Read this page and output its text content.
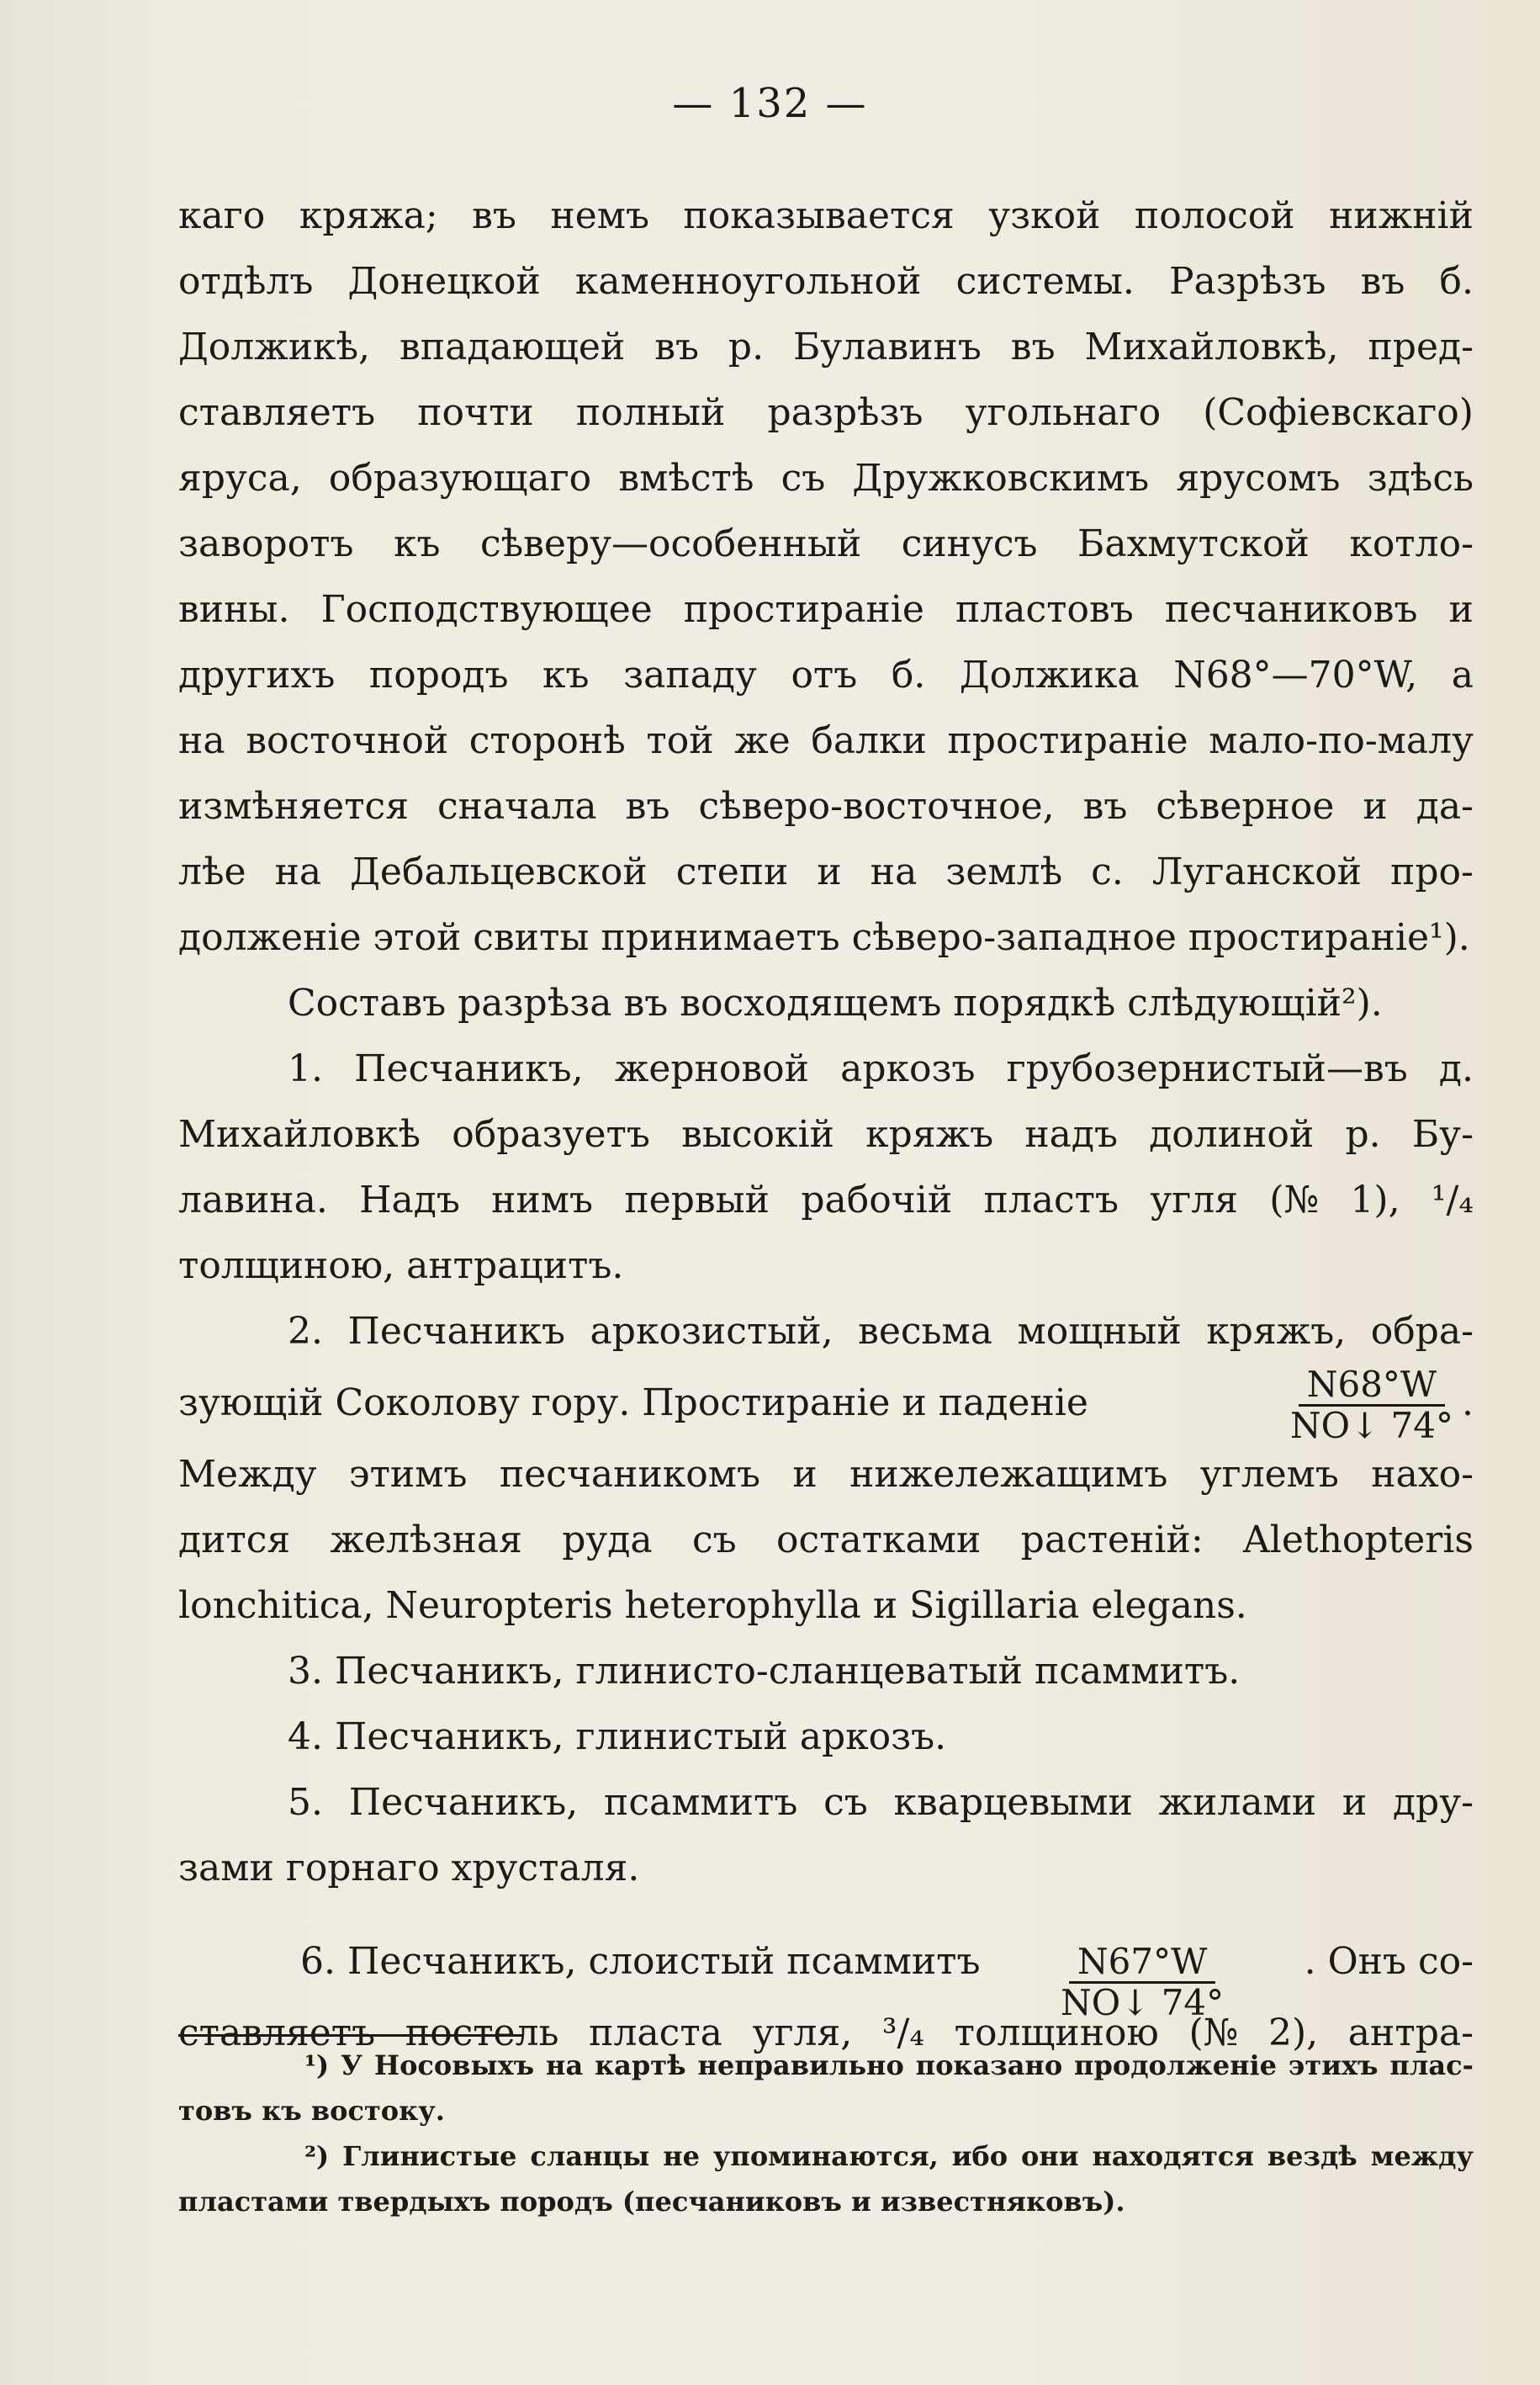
— 132 —
каго кряжа; въ немъ показывается узкой полосой нижнiй
отдѣлъ Донецкой каменноугольной системы. Разрѣзъ въ б.
Должикѣ, впадающей въ р. Булавинъ въ Михайловкѣ, пред-
ставляетъ почти полный разрѣзъ угольнаго (Софiевскаго)
яруса, образующаго вмѣстѣ съ Дружковскимъ ярусомъ здѣсь
заворотъ къ сѣверу—особенный синусъ Бахмутской котло-
вины. Господствующее простиранiе пластовъ песчаниковъ и
другихъ породъ къ западу отъ б. Должика N68°—70°W, а
на восточной сторонѣ той же балки простиранiе мало-по-малу
измѣняется сначала въ сѣверо-восточное, въ сѣверное и да-
лѣе на Дебальцевской степи и на землѣ с. Луганской про-
долженiе этой свиты принимаетъ сѣверо-западное простиранiе¹).
Составъ разрѣза въ восходящемъ порядкѣ слѣдующiй²).
1. Песчаникъ, жерновой аркозъ грубозернистый—въ д.
Михайловкѣ образуетъ высокiй кряжъ надъ долиной р. Бу-
лавина. Надъ нимъ первый рабочiй пластъ угля (№ 1), ¹/₄
толщиною, антрацитъ.
2. Песчаникъ аркозистый, весьма мощный кряжъ, обра-
зующiй Соколову гору. Простиранiе и паденiе	$\frac{N68^\circ W}{NO↓ 74^\circ}$ .
Между этимъ песчаникомъ и нижележащимъ углемъ нахо-
дится желѣзная руда съ остатками растенiй: Alethopteris
lonchitica, Neuropteris heterophylla и Sigillaria elegans.
3. Песчаникъ, глинисто-сланцеватый псаммитъ.
4. Песчаникъ, глинистый аркозъ.
5. Песчаникъ, псаммитъ съ кварцевыми жилами и дру-
зами горнаго хрусталя.
6. Песчаникъ, слоистый псаммитъ $\frac{N67^\circ W}{NO↓ 74^\circ}$ . Онъ со-
ставляетъ постель пласта угля, ³/₄ толщиною (№ 2), антра-
¹) У Носовыхъ на картѣ неправильно показано продолженiе этихъ плас-
товъ къ востоку.
²) Глинистые сланцы не упоминаются, ибо они находятся вездѣ между
пластами твердыхъ породъ (песчаниковъ и известняковъ).
